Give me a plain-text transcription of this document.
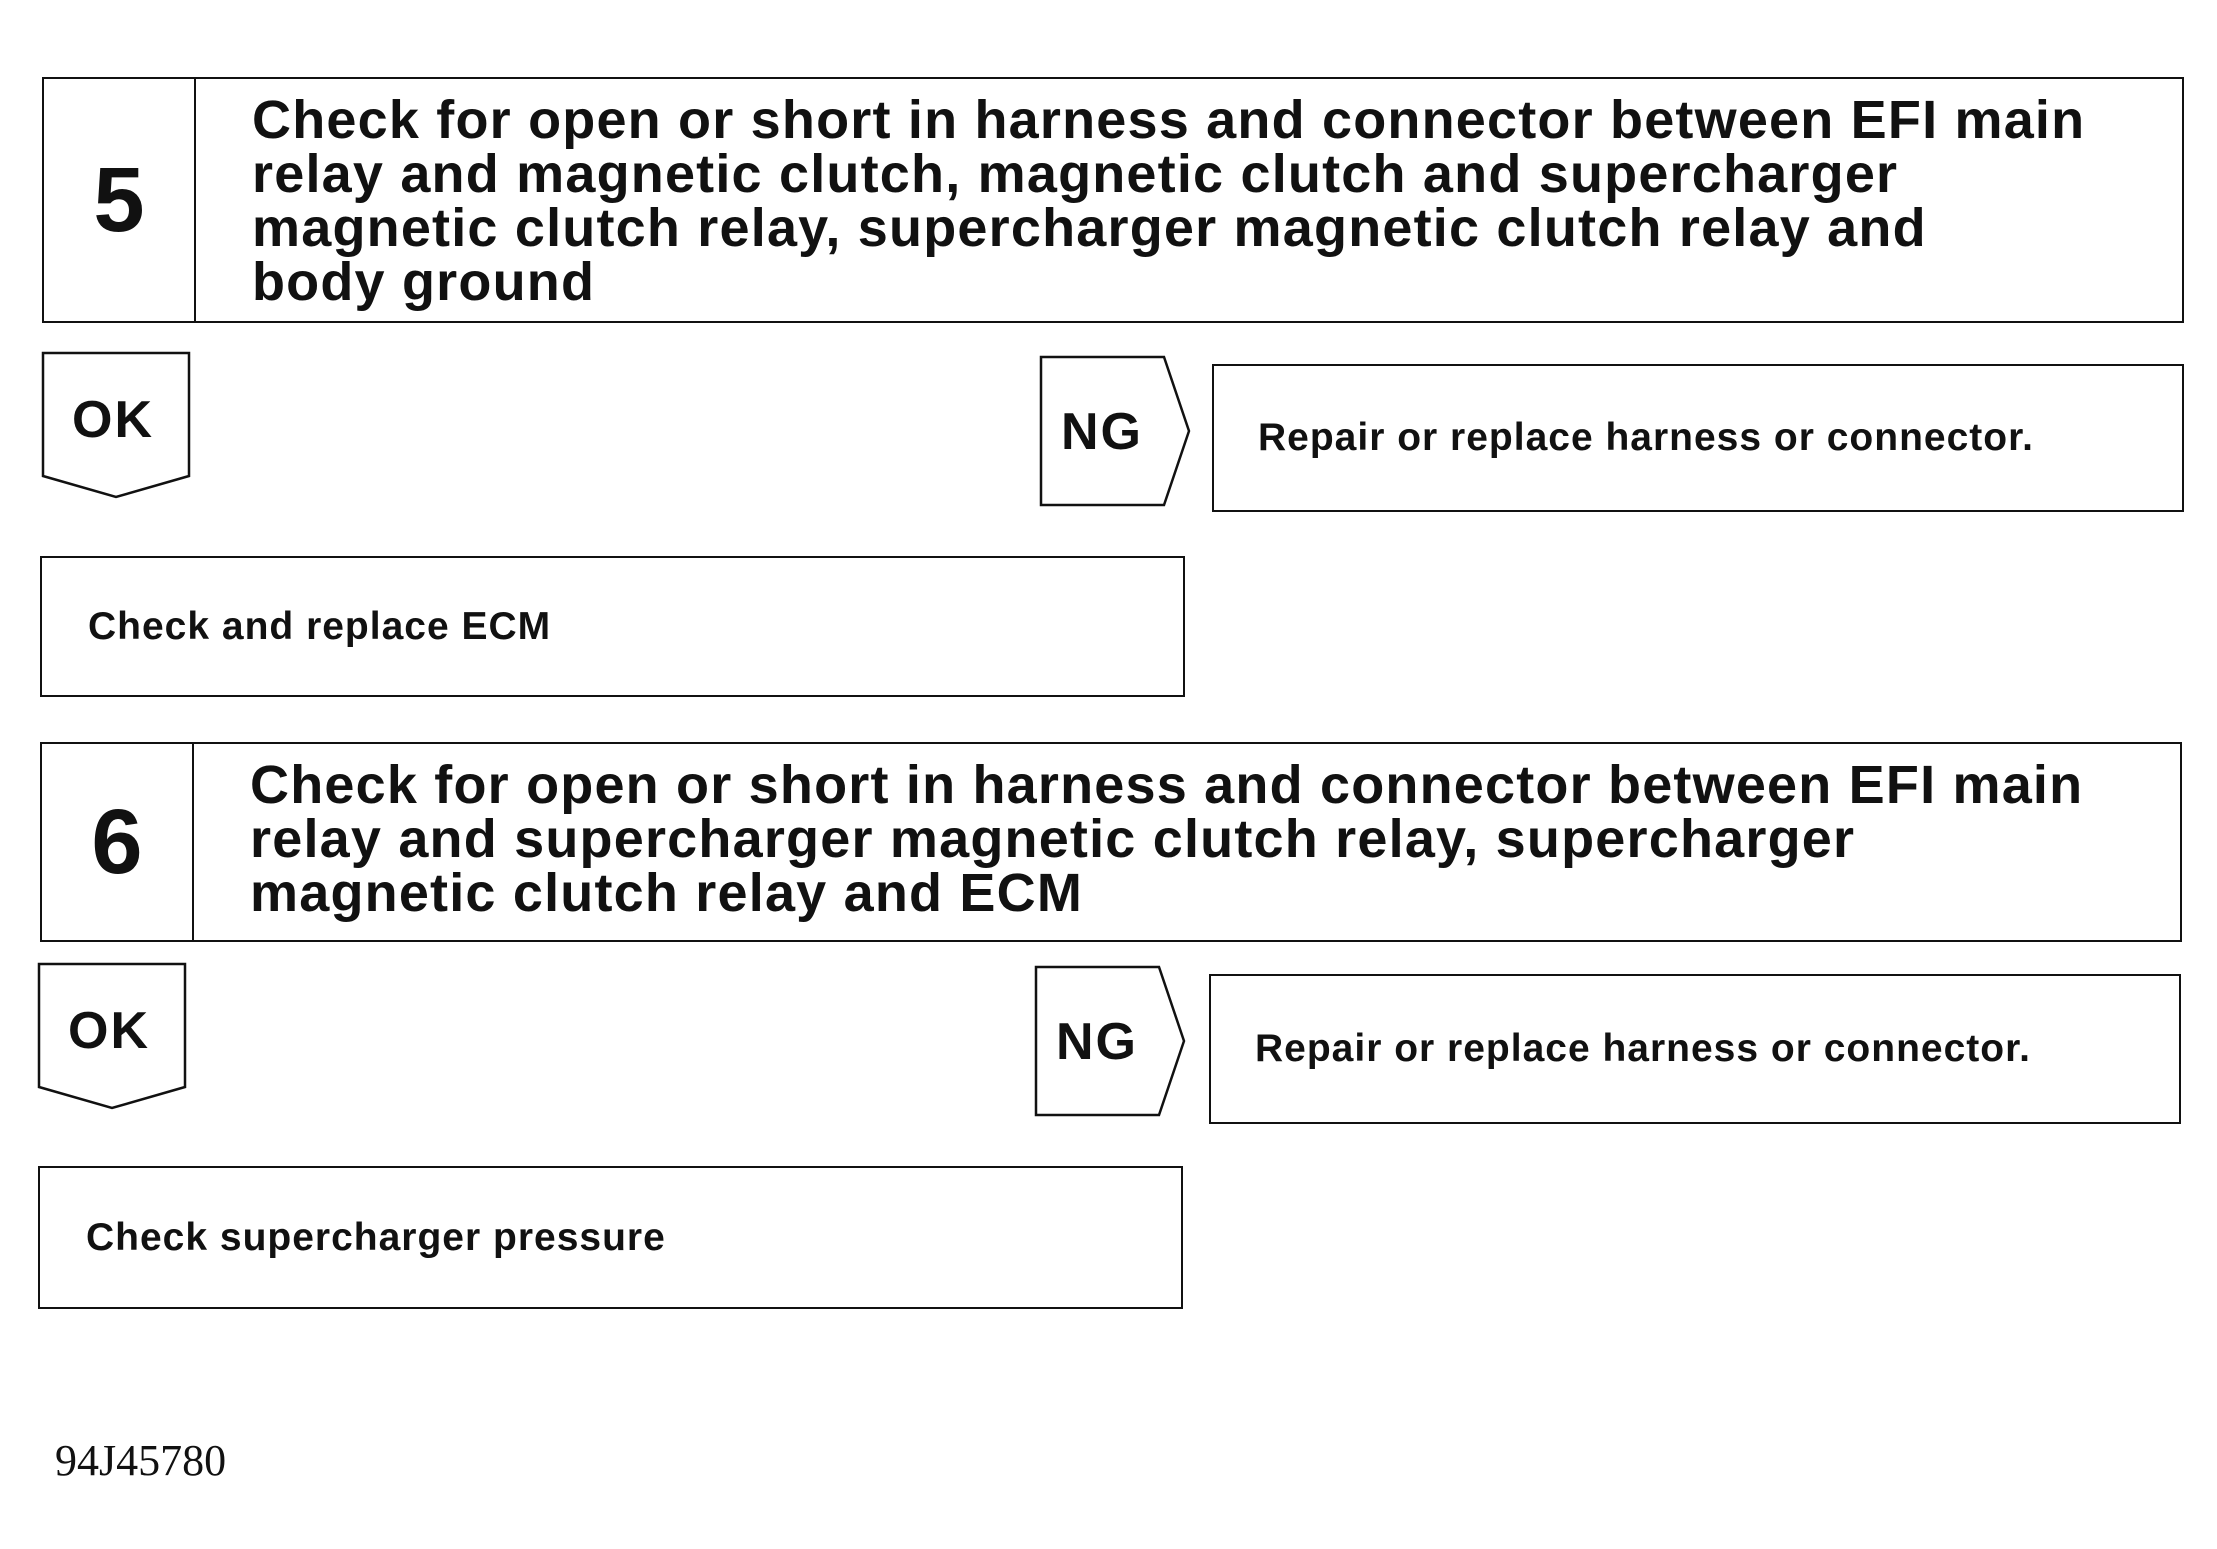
5
Check for open or short in harness and connector between EFI main
relay and magnetic clutch, magnetic clutch and supercharger
magnetic clutch relay, supercharger magnetic clutch relay and
body ground
OK	NG	Repair or replace harness or connector.
Check and replace ECM
6
Check for open or short in harness and connector between EFI main
relay and supercharger magnetic clutch relay, supercharger
magnetic clutch relay and ECM
OK	NG	Repair or replace harness or connector.
Check supercharger pressure
94J45780
